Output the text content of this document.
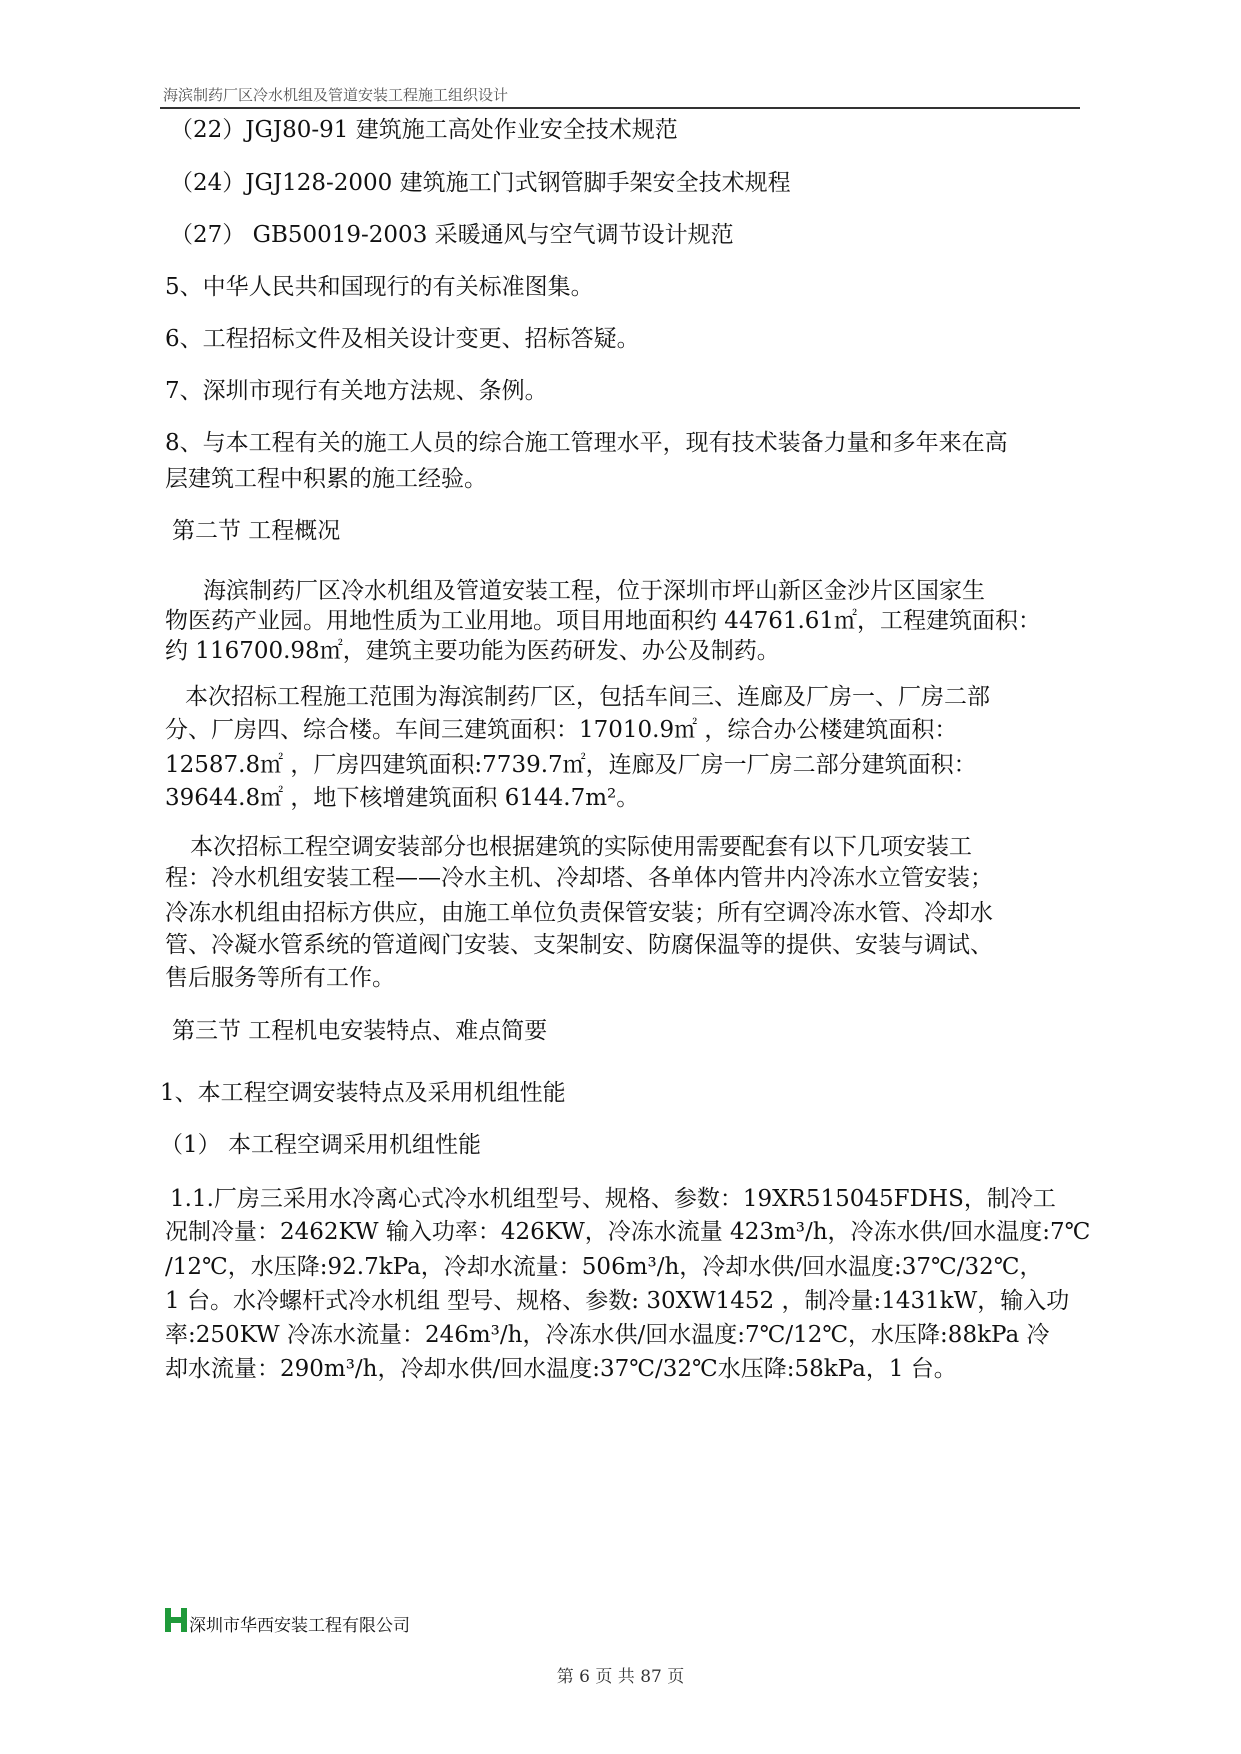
海滨制药厂区冷水机组及管道安装工程施工组织设计
（22）JGJ80-91 建筑施工高处作业安全技术规范
（24）JGJ128-2000 建筑施工门式钢管脚手架安全技术规程
（27） GB50019-2003 采暖通风与空气调节设计规范
5、中华人民共和国现行的有关标准图集。
6、工程招标文件及相关设计变更、招标答疑。
7、深圳市现行有关地方法规、条例。
8、与本工程有关的施工人员的综合施工管理水平，现有技术装备力量和多年来在高
层建筑工程中积累的施工经验。
第二节 工程概况
海滨制药厂区冷水机组及管道安装工程，位于深圳市坪山新区金沙片区国家生
物医药产业园。用地性质为工业用地。项目用地面积约 44761.61㎡，工程建筑面积：
约 116700.98㎡，建筑主要功能为医药研发、办公及制药。
本次招标工程施工范围为海滨制药厂区，包括车间三、连廊及厂房一、厂房二部
分、厂房四、综合楼。车间三建筑面积：17010.9㎡ ，综合办公楼建筑面积：
12587.8㎡ ，厂房四建筑面积:7739.7㎡，连廊及厂房一厂房二部分建筑面积：
39644.8㎡ ，地下核增建筑面积 6144.7m²。
本次招标工程空调安装部分也根据建筑的实际使用需要配套有以下几项安装工
程：冷水机组安装工程——冷水主机、冷却塔、各单体内管井内冷冻水立管安装；
冷冻水机组由招标方供应，由施工单位负责保管安装；所有空调冷冻水管、冷却水
管、冷凝水管系统的管道阀门安装、支架制安、防腐保温等的提供、安装与调试、
售后服务等所有工作。
第三节 工程机电安装特点、难点简要
1、本工程空调安装特点及采用机组性能
（1） 本工程空调采用机组性能
1.1.厂房三采用水冷离心式冷水机组型号、规格、参数：19XR515045FDHS，制冷工
况制冷量：2462KW 输入功率：426KW，冷冻水流量 423m³/h，冷冻水供/回水温度:7℃
/12℃，水压降:92.7kPa，冷却水流量：506m³/h，冷却水供/回水温度:37℃/32℃，
1 台。水冷螺杆式冷水机组 型号、规格、参数: 30XW1452 ，制冷量:1431kW，输入功
率:250KW 冷冻水流量：246m³/h，冷冻水供/回水温度:7℃/12℃，水压降:88kPa 冷
却水流量：290m³/h，冷却水供/回水温度:37℃/32℃水压降:58kPa，1 台。
深圳市华西安装工程有限公司
第 6 页 共 87 页
